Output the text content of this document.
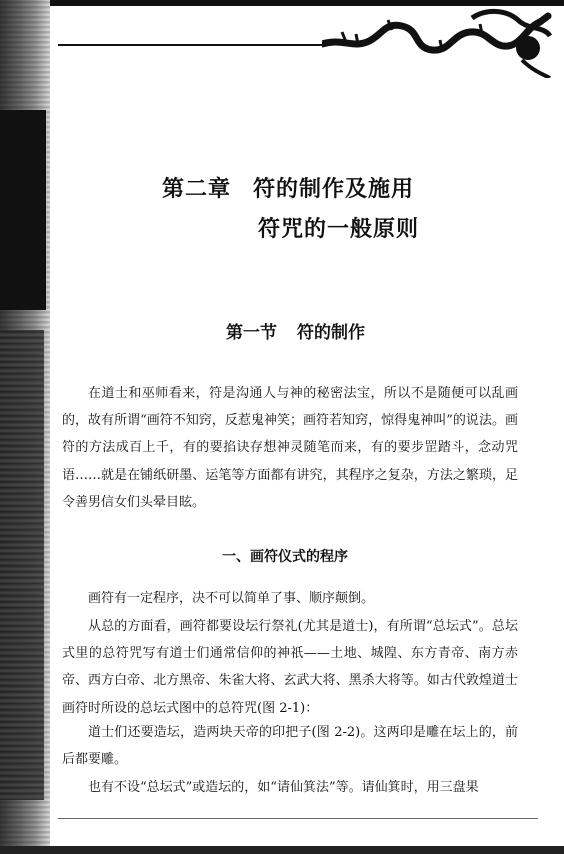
第二章 符的制作及施用
符咒的一般原则
第一节 符的制作
在道士和巫师看来，符是沟通人与神的秘密法宝，所以不是随便可以乱画的，故有所谓“画符不知窍，反惹鬼神笑；画符若知窍，惊得鬼神叫”的说法。画符的方法成百上千，有的要掐诀存想神灵随笔而来，有的要步罡踏斗，念动咒语……就是在铺纸研墨、运笔等方面都有讲究，其程序之复杂，方法之繁琐，足令善男信女们头晕目眩。
一、画符仪式的程序
画符有一定程序，决不可以简单了事、顺序颠倒。
从总的方面看，画符都要设坛行祭礼(尤其是道士)，有所谓“总坛式”。总坛式里的总符咒写有道士们通常信仰的神祇——土地、城隍、东方青帝、南方赤帝、西方白帝、北方黑帝、朱雀大将、玄武大将、黑杀大将等。如古代敦煌道士画符时所设的总坛式图中的总符咒(图 2-1)：
道士们还要造坛，造两块天帝的印把子(图 2-2)。这两印是雕在坛上的，前后都要雕。
也有不设“总坛式”或造坛的，如“请仙箕法”等。请仙箕时，用三盘果
